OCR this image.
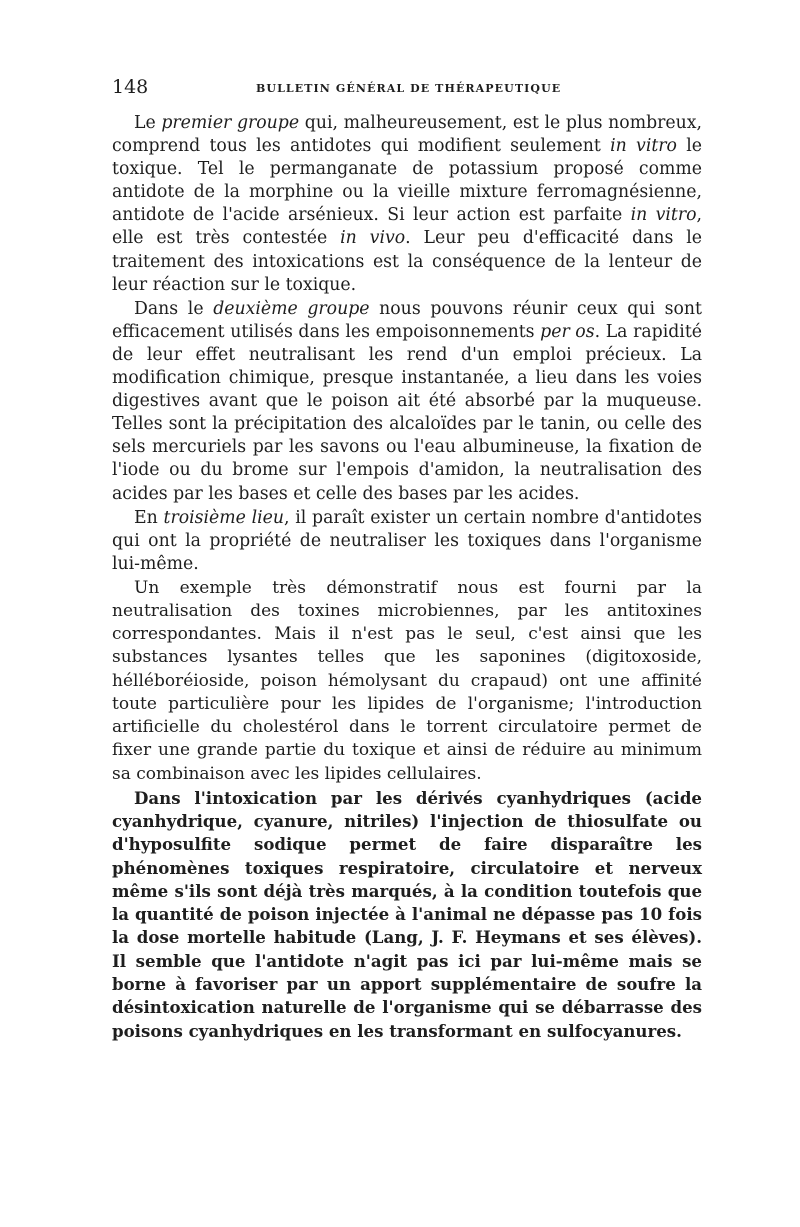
148	BULLETIN GÉNÉRAL DE THÉRAPEUTIQUE

Le premier groupe qui, malheureusement, est le plus nombreux, comprend tous les antidotes qui modifient seulement in vitro le toxique. Tel le permanganate de potassium proposé comme antidote de la morphine ou la vieille mixture ferromagnésienne, antidote de l'acide arsénieux. Si leur action est parfaite in vitro, elle est très contestée in vivo. Leur peu d'efficacité dans le traitement des intoxications est la conséquence de la lenteur de leur réaction sur le toxique.

Dans le deuxième groupe nous pouvons réunir ceux qui sont efficacement utilisés dans les empoisonnements per os. La rapidité de leur effet neutralisant les rend d'un emploi précieux. La modification chimique, presque instantanée, a lieu dans les voies digestives avant que le poison ait été absorbé par la muqueuse. Telles sont la précipitation des alcaloïdes par le tanin, ou celle des sels mercuriels par les savons ou l'eau albumineuse, la fixation de l'iode ou du brome sur l'empois d'amidon, la neutralisation des acides par les bases et celle des bases par les acides.

En troisième lieu, il paraît exister un certain nombre d'antidotes qui ont la propriété de neutraliser les toxiques dans l'organisme lui-même.

Un exemple très démonstratif nous est fourni par la neutralisation des toxines microbiennes, par les antitoxines correspondantes. Mais il n'est pas le seul, c'est ainsi que les substances lysantes telles que les saponines (digitoxoside, hélléboréioside, poison hémolysant du crapaud) ont une affinité toute particulière pour les lipides de l'organisme; l'introduction artificielle du cholestérol dans le torrent circulatoire permet de fixer une grande partie du toxique et ainsi de réduire au minimum sa combinaison avec les lipides cellulaires.

Dans l'intoxication par les dérivés cyanhydriques (acide cyanhydrique, cyanure, nitriles) l'injection de thiosulfate ou d'hyposulfite sodique permet de faire disparaître les phénomènes toxiques respiratoire, circulatoire et nerveux même s'ils sont déjà très marqués, à la condition toutefois que la quantité de poison injectée à l'animal ne dépasse pas 10 fois la dose mortelle habitude (Lang, J. F. Heymans et ses élèves). Il semble que l'antidote n'agit pas ici par lui-même mais se borne à favoriser par un apport supplémentaire de soufre la désintoxication naturelle de l'organisme qui se débarrasse des poisons cyanhydriques en les transformant en sulfocyanures.
